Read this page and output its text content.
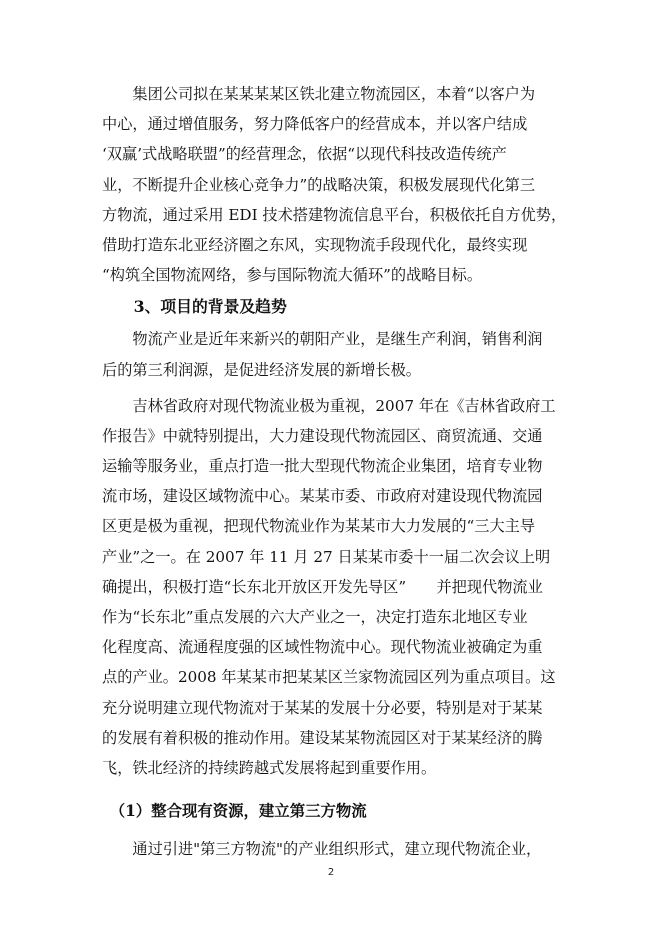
　　集团公司拟在某某某某区铁北建立物流园区，本着“以客户为

中心，通过增值服务，努力降低客户的经营成本，并以客户结成

‘双赢’式战略联盟”的经营理念，依据“以现代科技改造传统产

业，不断提升企业核心竞争力”的战略决策，积极发展现代化第三

方物流，通过采用 EDI 技术搭建物流信息平台，积极依托自方优势，

借助打造东北亚经济圈之东风，实现物流手段现代化，最终实现

“构筑全国物流网络，参与国际物流大循环”的战略目标。

　　3、项目的背景及趋势

　　物流产业是近年来新兴的朝阳产业，是继生产利润，销售利润

后的第三利润源，是促进经济发展的新增长极。

　　吉林省政府对现代物流业极为重视，2007 年在《吉林省政府工

作报告》中就特别提出，大力建设现代物流园区、商贸流通、交通

运输等服务业，重点打造一批大型现代物流企业集团，培育专业物

流市场，建设区域物流中心。某某市委、市政府对建设现代物流园

区更是极为重视，把现代物流业作为某某市大力发展的“三大主导

产业”之一。在 2007 年 11 月 27 日某某市委十一届二次会议上明

确提出，积极打造“长东北开放区开发先导区”　　并把现代物流业

作为“长东北”重点发展的六大产业之一，决定打造东北地区专业

化程度高、流通程度强的区域性物流中心。现代物流业被确定为重

点的产业。2008 年某某市把某某区兰家物流园区列为重点项目。这

充分说明建立现代物流对于某某的发展十分必要，特别是对于某某

的发展有着积极的推动作用。建设某某物流园区对于某某经济的腾

飞，铁北经济的持续跨越式发展将起到重要作用。

　（1）整合现有资源，建立第三方物流

　　通过引进"第三方物流"的产业组织形式，建立现代物流企业，

2
